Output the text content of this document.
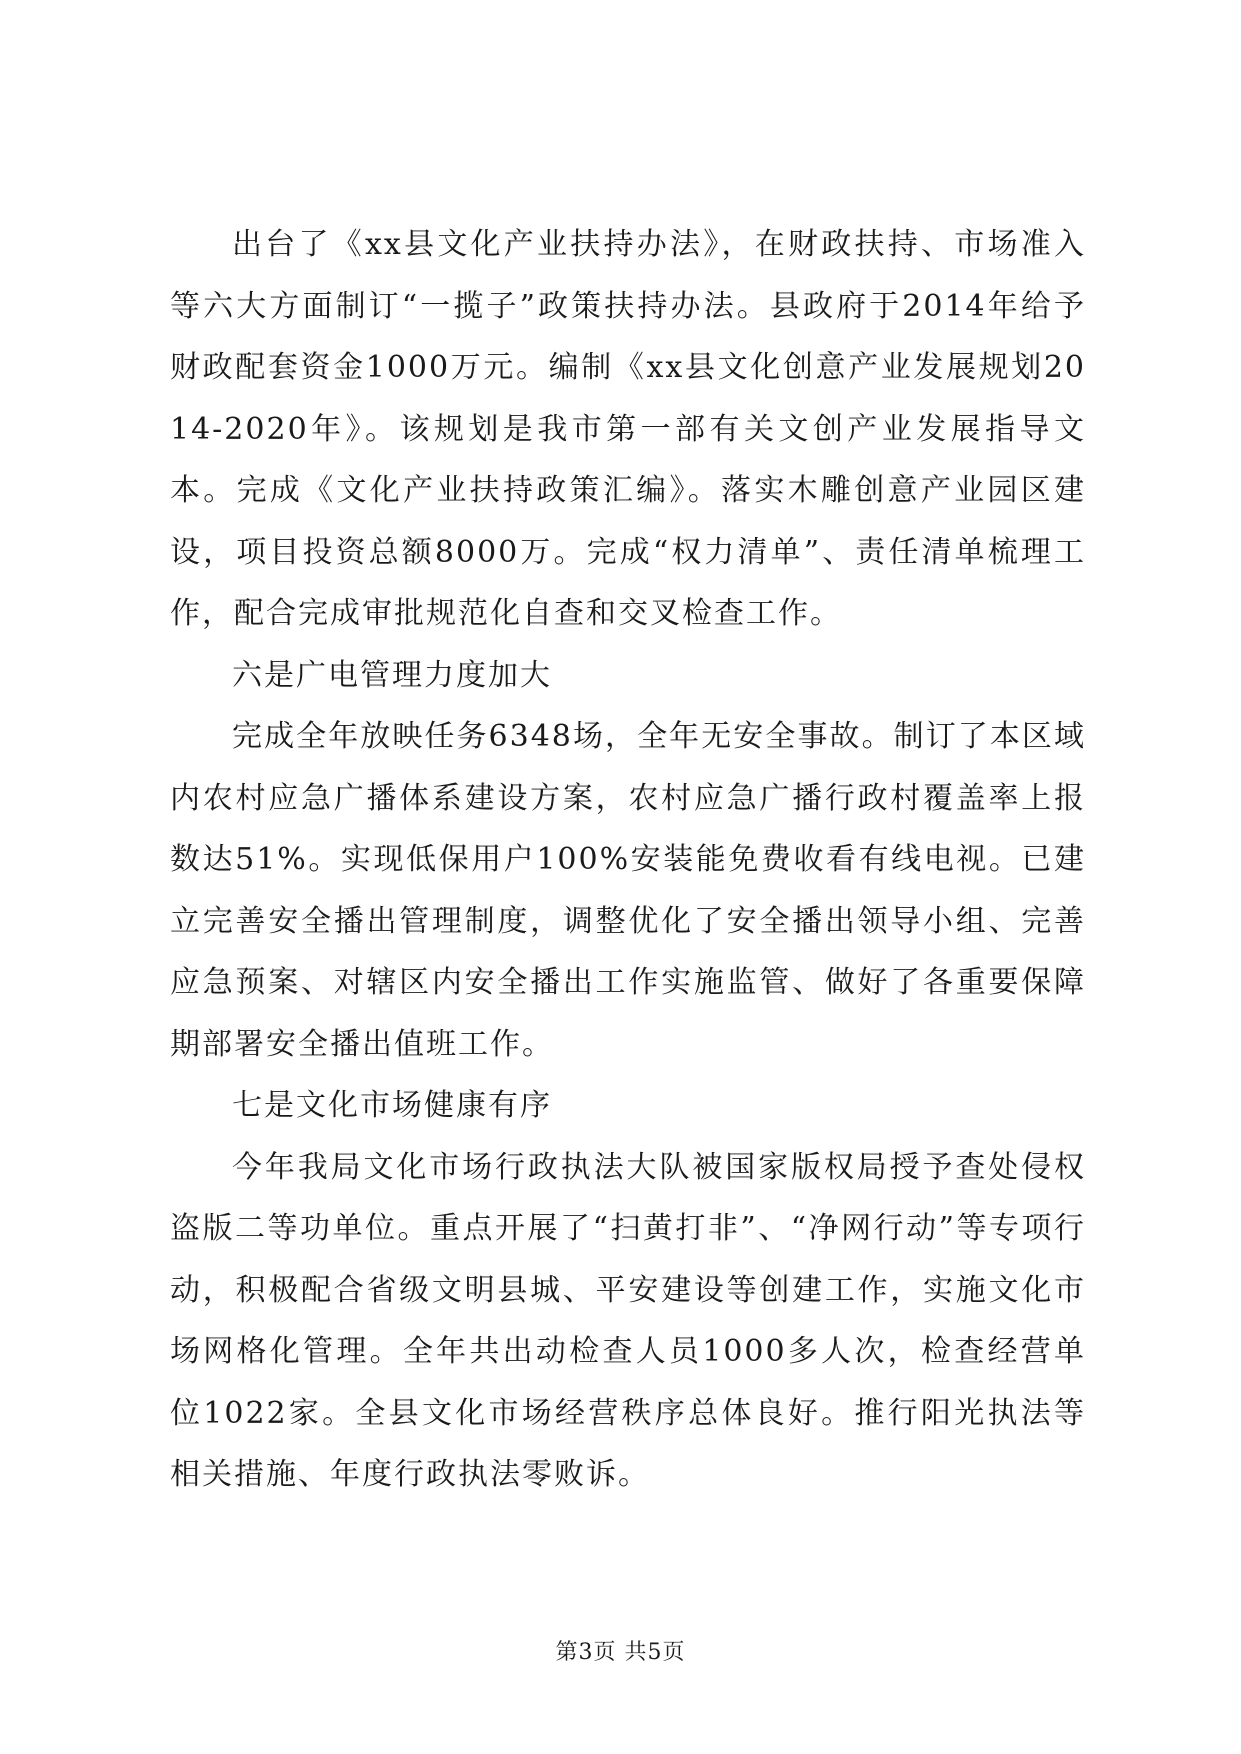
出台了《xx县文化产业扶持办法》，在财政扶持、市场准入等六大方面制订“一揽子”政策扶持办法。县政府于2014年给予财政配套资金1000万元。编制《xx县文化创意产业发展规划2014-2020年》。该规划是我市第一部有关文创产业发展指导文本。完成《文化产业扶持政策汇编》。落实木雕创意产业园区建设，项目投资总额8000万。完成“权力清单”、责任清单梳理工作，配合完成审批规范化自查和交叉检查工作。

六是广电管理力度加大

完成全年放映任务6348场，全年无安全事故。制订了本区域内农村应急广播体系建设方案，农村应急广播行政村覆盖率上报数达51%。实现低保用户100%安装能免费收看有线电视。已建立完善安全播出管理制度，调整优化了安全播出领导小组、完善应急预案、对辖区内安全播出工作实施监管、做好了各重要保障期部署安全播出值班工作。

七是文化市场健康有序

今年我局文化市场行政执法大队被国家版权局授予查处侵权盗版二等功单位。重点开展了“扫黄打非”、“净网行动”等专项行动，积极配合省级文明县城、平安建设等创建工作，实施文化市场网格化管理。全年共出动检查人员1000多人次，检查经营单位1022家。全县文化市场经营秩序总体良好。推行阳光执法等相关措施、年度行政执法零败诉。

第3页 共5页
